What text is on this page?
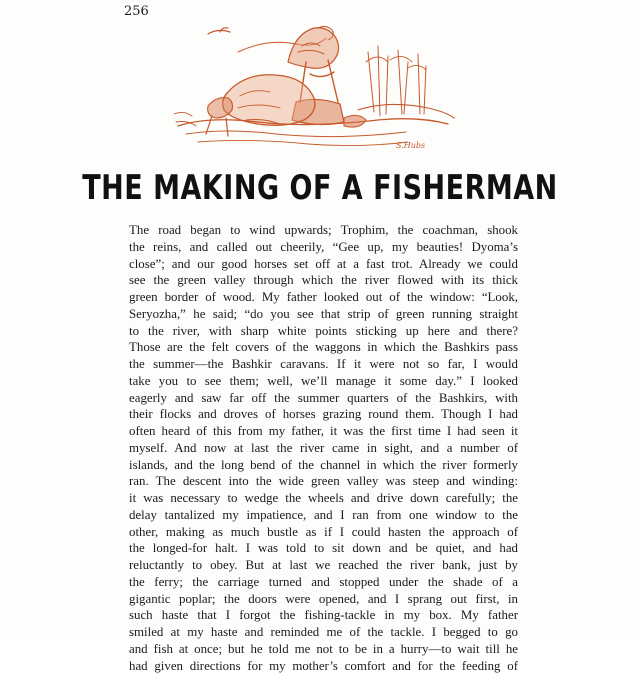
256
S.Hubs
THE MAKING OF A FISHERMAN
The road began to wind upwards; Trophim, the coachman, shook
the reins, and called out cheerily, “Gee up, my beauties! Dyoma’s
close”; and our good horses set off at a fast trot. Already we could
see the green valley through which the river flowed with its thick
green border of wood. My father looked out of the window: “Look,
Seryozha,” he said; “do you see that strip of green running straight
to the river, with sharp white points sticking up here and there?
Those are the felt covers of the waggons in which the Bashkirs pass
the summer—the Bashkir caravans. If it were not so far, I would
take you to see them; well, we’ll manage it some day.” I looked
eagerly and saw far off the summer quarters of the Bashkirs, with
their flocks and droves of horses grazing round them. Though I had
often heard of this from my father, it was the first time I had seen it
myself. And now at last the river came in sight, and a number of
islands, and the long bend of the channel in which the river formerly
ran. The descent into the wide green valley was steep and winding:
it was necessary to wedge the wheels and drive down carefully; the
delay tantalized my impatience, and I ran from one window to the
other, making as much bustle as if I could hasten the approach of
the longed-for halt. I was told to sit down and be quiet, and had
reluctantly to obey. But at last we reached the river bank, just by
the ferry; the carriage turned and stopped under the shade of a
gigantic poplar; the doors were opened, and I sprang out first, in
such haste that I forgot the fishing-tackle in my box. My father
smiled at my haste and reminded me of the tackle. I begged to go
and fish at once; but he told me not to be in a hurry—to wait till he
had given directions for my mother’s comfort and for the feeding of
